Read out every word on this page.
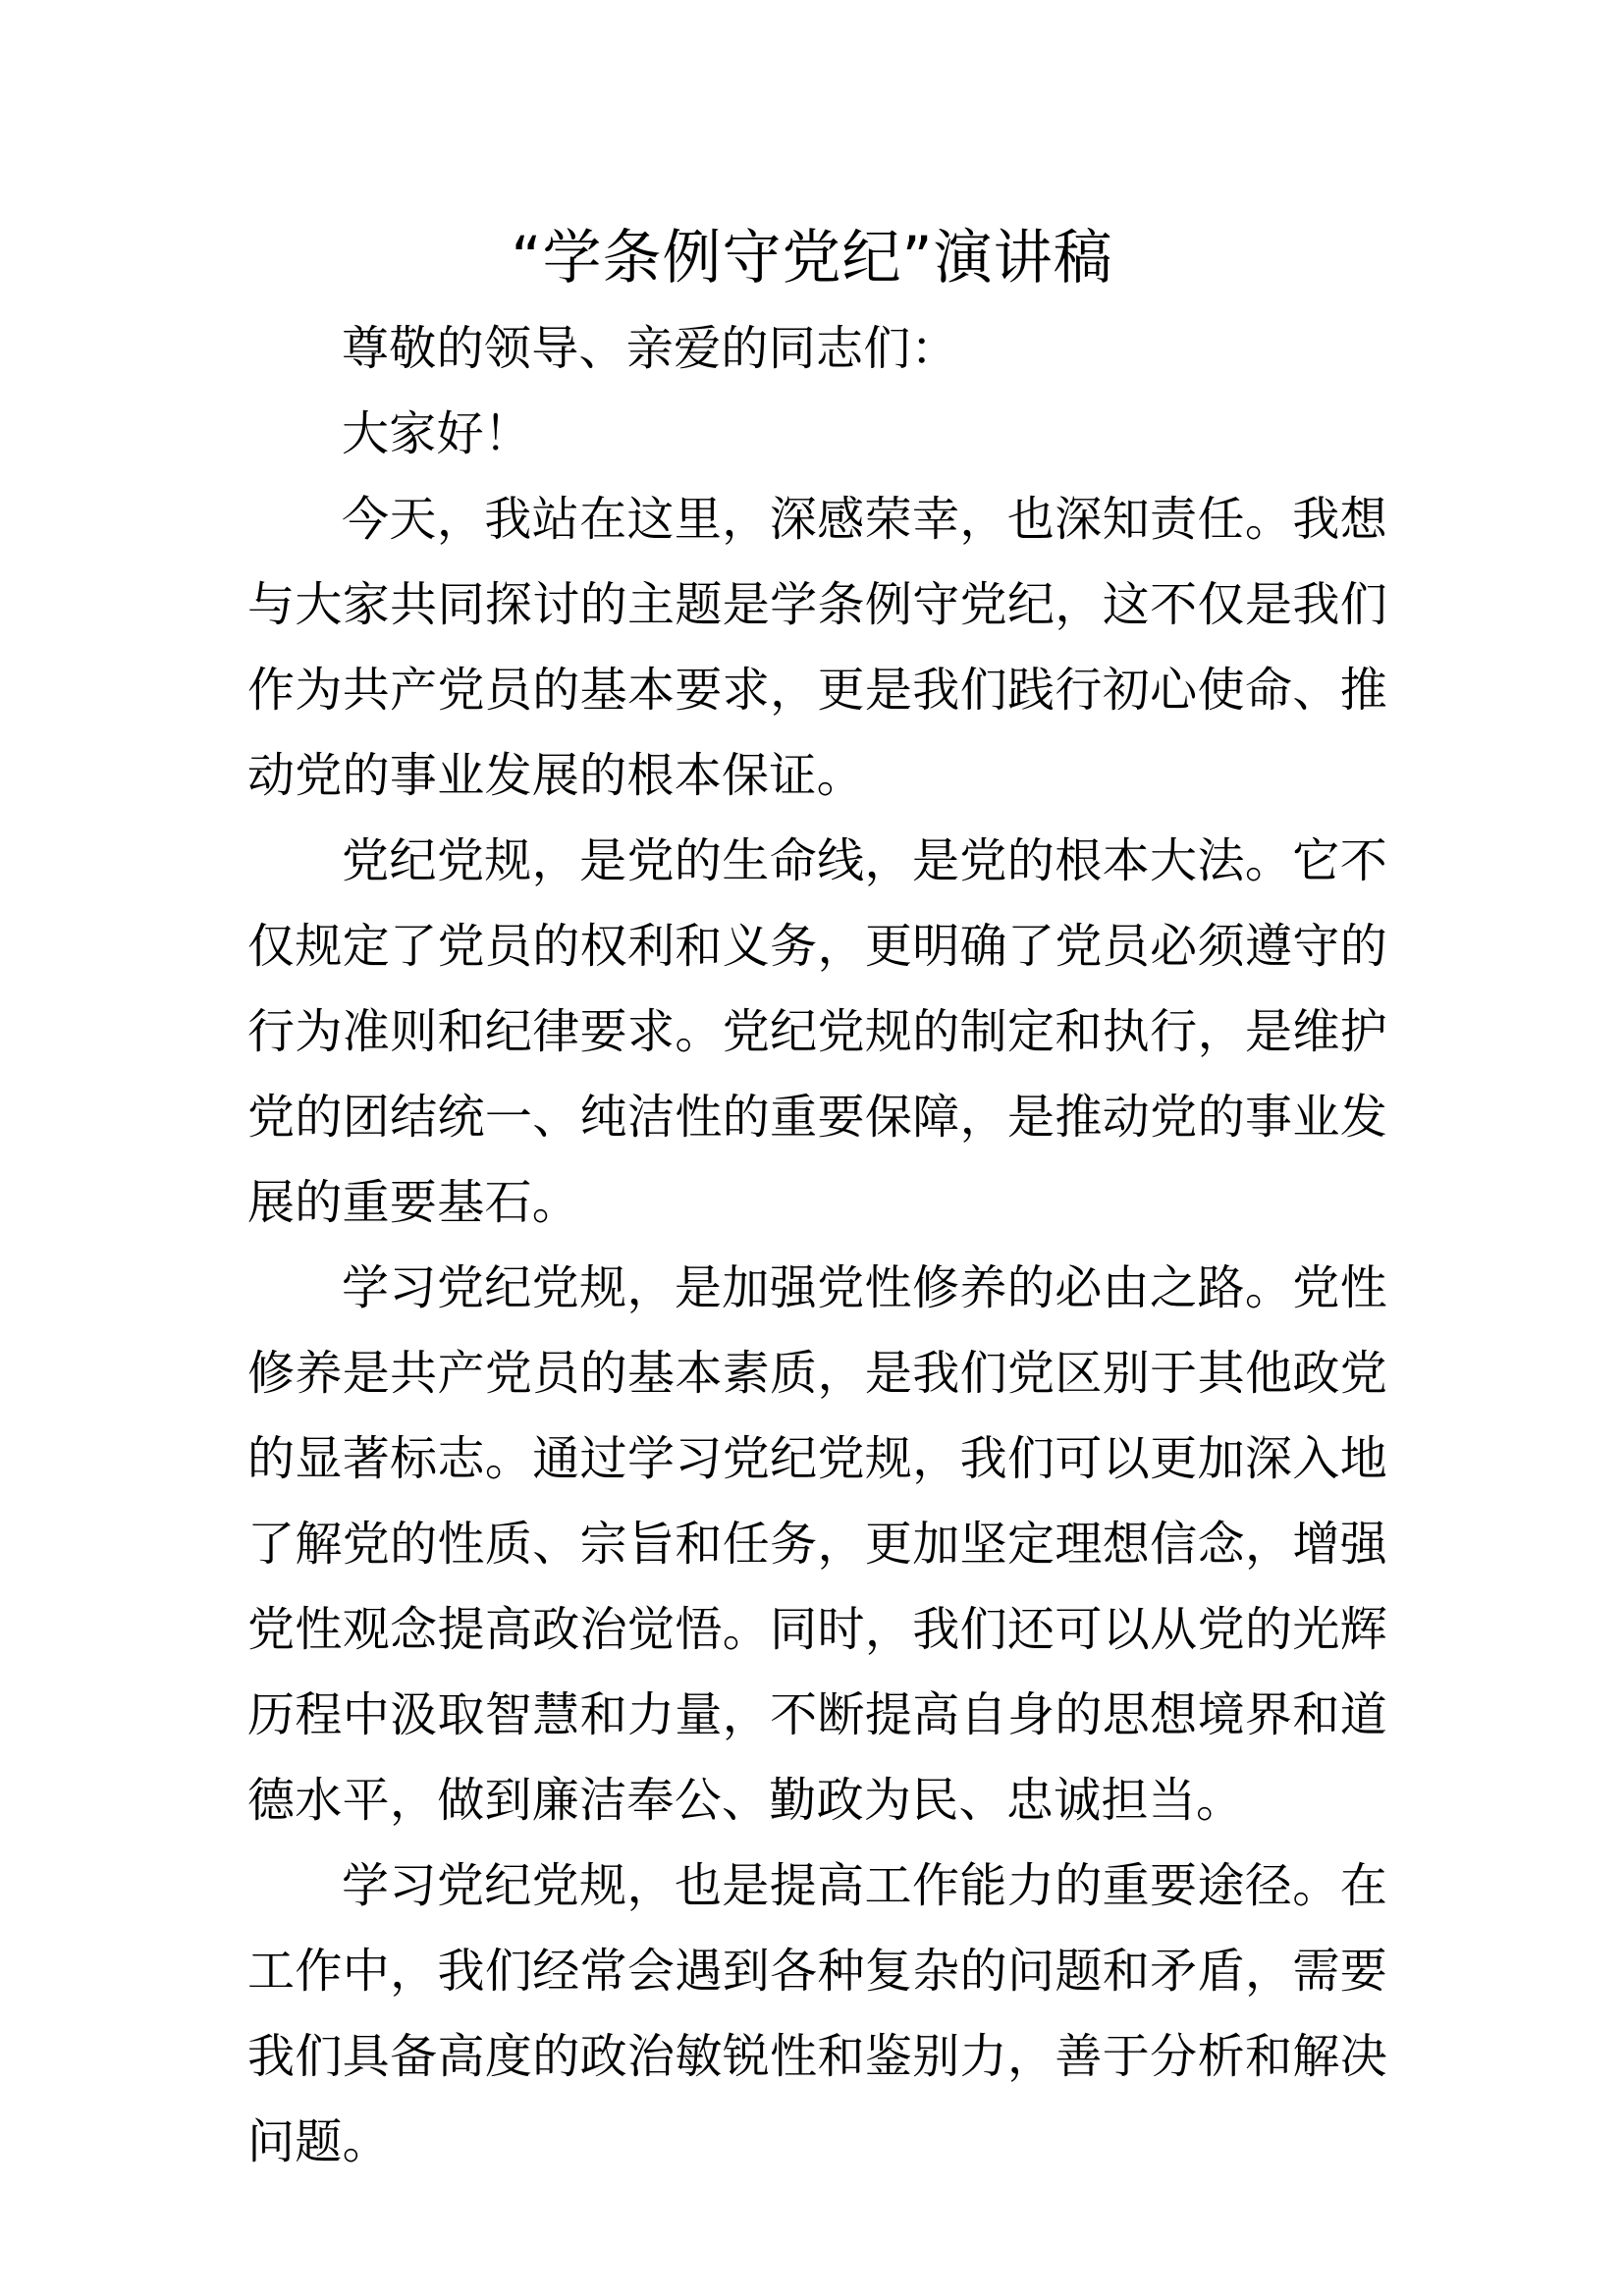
“学条例守党纪”演讲稿

尊敬的领导、亲爱的同志们：

大家好！

今天，我站在这里，深感荣幸，也深知责任。我想与大家共同探讨的主题是学条例守党纪，这不仅是我们作为共产党员的基本要求，更是我们践行初心使命、推动党的事业发展的根本保证。

党纪党规，是党的生命线，是党的根本大法。它不仅规定了党员的权利和义务，更明确了党员必须遵守的行为准则和纪律要求。党纪党规的制定和执行，是维护党的团结统一、纯洁性的重要保障，是推动党的事业发展的重要基石。

学习党纪党规，是加强党性修养的必由之路。党性修养是共产党员的基本素质，是我们党区别于其他政党的显著标志。通过学习党纪党规，我们可以更加深入地了解党的性质、宗旨和任务，更加坚定理想信念，增强党性观念提高政治觉悟。同时，我们还可以从党的光辉历程中汲取智慧和力量，不断提高自身的思想境界和道德水平，做到廉洁奉公、勤政为民、忠诚担当。

学习党纪党规，也是提高工作能力的重要途径。在工作中，我们经常会遇到各种复杂的问题和矛盾，需要我们具备高度的政治敏锐性和鉴别力，善于分析和解决问题。
